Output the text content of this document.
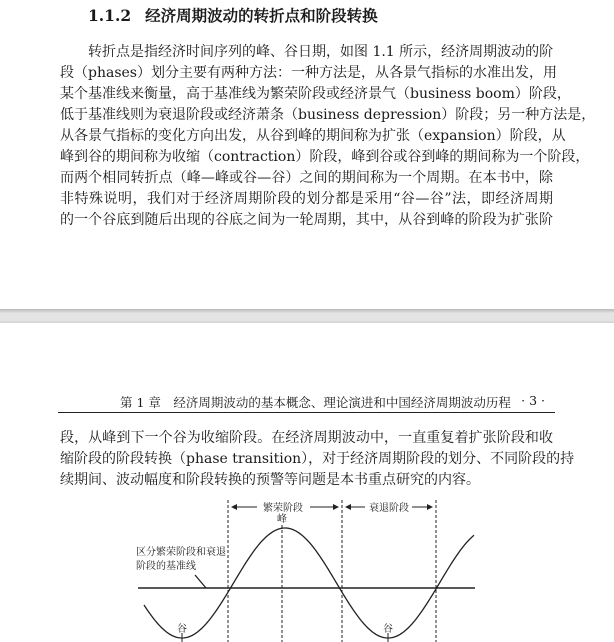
1.1.2 经济周期波动的转折点和阶段转换
转折点是指经济时间序列的峰、谷日期，如图 1.1 所示，经济周期波动的阶
段（phases）划分主要有两种方法：一种方法是，从各景气指标的水准出发，用
某个基准线来衡量，高于基准线为繁荣阶段或经济景气（business boom）阶段，
低于基准线则为衰退阶段或经济萧条（business depression）阶段；另一种方法是，
从各景气指标的变化方向出发，从谷到峰的期间称为扩张（expansion）阶段，从
峰到谷的期间称为收缩（contraction）阶段，峰到谷或谷到峰的期间称为一个阶段，
而两个相同转折点（峰—峰或谷—谷）之间的期间称为一个周期。在本书中，除
非特殊说明，我们对于经济周期阶段的划分都是采用“谷—谷”法，即经济周期
的一个谷底到随后出现的谷底之间为一轮周期，其中，从谷到峰的阶段为扩张阶
第 1 章　经济周期波动的基本概念、理论演进和中国经济周期波动历程 · 3 ·
段，从峰到下一个谷为收缩阶段。在经济周期波动中，一直重复着扩张阶段和收
缩阶段的阶段转换（phase transition），对于经济周期阶段的划分、不同阶段的持
续期间、波动幅度和阶段转换的预警等问题是本书重点研究的内容。
繁荣阶段	衰退阶段
峰
谷	谷
区分繁荣阶段和衰退
阶段的基准线
